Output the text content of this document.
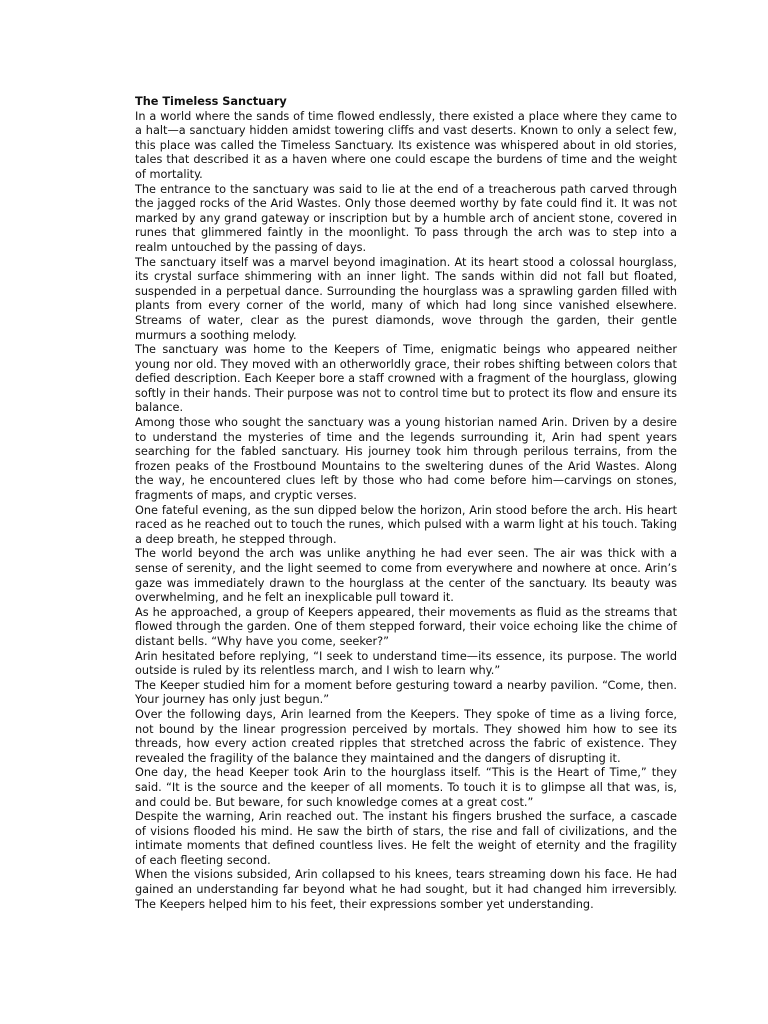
The Timeless Sanctuary

In a world where the sands of time flowed endlessly, there existed a place where they came to a halt—a sanctuary hidden amidst towering cliffs and vast deserts. Known to only a select few, this place was called the Timeless Sanctuary. Its existence was whispered about in old stories, tales that described it as a haven where one could escape the burdens of time and the weight of mortality.

The entrance to the sanctuary was said to lie at the end of a treacherous path carved through the jagged rocks of the Arid Wastes. Only those deemed worthy by fate could find it. It was not marked by any grand gateway or inscription but by a humble arch of ancient stone, covered in runes that glimmered faintly in the moonlight. To pass through the arch was to step into a realm untouched by the passing of days.

The sanctuary itself was a marvel beyond imagination. At its heart stood a colossal hourglass, its crystal surface shimmering with an inner light. The sands within did not fall but floated, suspended in a perpetual dance. Surrounding the hourglass was a sprawling garden filled with plants from every corner of the world, many of which had long since vanished elsewhere. Streams of water, clear as the purest diamonds, wove through the garden, their gentle murmurs a soothing melody.

The sanctuary was home to the Keepers of Time, enigmatic beings who appeared neither young nor old. They moved with an otherworldly grace, their robes shifting between colors that defied description. Each Keeper bore a staff crowned with a fragment of the hourglass, glowing softly in their hands. Their purpose was not to control time but to protect its flow and ensure its balance.

Among those who sought the sanctuary was a young historian named Arin. Driven by a desire to understand the mysteries of time and the legends surrounding it, Arin had spent years searching for the fabled sanctuary. His journey took him through perilous terrains, from the frozen peaks of the Frostbound Mountains to the sweltering dunes of the Arid Wastes. Along the way, he encountered clues left by those who had come before him—carvings on stones, fragments of maps, and cryptic verses.

One fateful evening, as the sun dipped below the horizon, Arin stood before the arch. His heart raced as he reached out to touch the runes, which pulsed with a warm light at his touch. Taking a deep breath, he stepped through.

The world beyond the arch was unlike anything he had ever seen. The air was thick with a sense of serenity, and the light seemed to come from everywhere and nowhere at once. Arin’s gaze was immediately drawn to the hourglass at the center of the sanctuary. Its beauty was overwhelming, and he felt an inexplicable pull toward it.

As he approached, a group of Keepers appeared, their movements as fluid as the streams that flowed through the garden. One of them stepped forward, their voice echoing like the chime of distant bells. “Why have you come, seeker?”

Arin hesitated before replying, “I seek to understand time—its essence, its purpose. The world outside is ruled by its relentless march, and I wish to learn why.”

The Keeper studied him for a moment before gesturing toward a nearby pavilion. “Come, then. Your journey has only just begun.”

Over the following days, Arin learned from the Keepers. They spoke of time as a living force, not bound by the linear progression perceived by mortals. They showed him how to see its threads, how every action created ripples that stretched across the fabric of existence. They revealed the fragility of the balance they maintained and the dangers of disrupting it.

One day, the head Keeper took Arin to the hourglass itself. “This is the Heart of Time,” they said. “It is the source and the keeper of all moments. To touch it is to glimpse all that was, is, and could be. But beware, for such knowledge comes at a great cost.”

Despite the warning, Arin reached out. The instant his fingers brushed the surface, a cascade of visions flooded his mind. He saw the birth of stars, the rise and fall of civilizations, and the intimate moments that defined countless lives. He felt the weight of eternity and the fragility of each fleeting second.

When the visions subsided, Arin collapsed to his knees, tears streaming down his face. He had gained an understanding far beyond what he had sought, but it had changed him irreversibly. The Keepers helped him to his feet, their expressions somber yet understanding.
